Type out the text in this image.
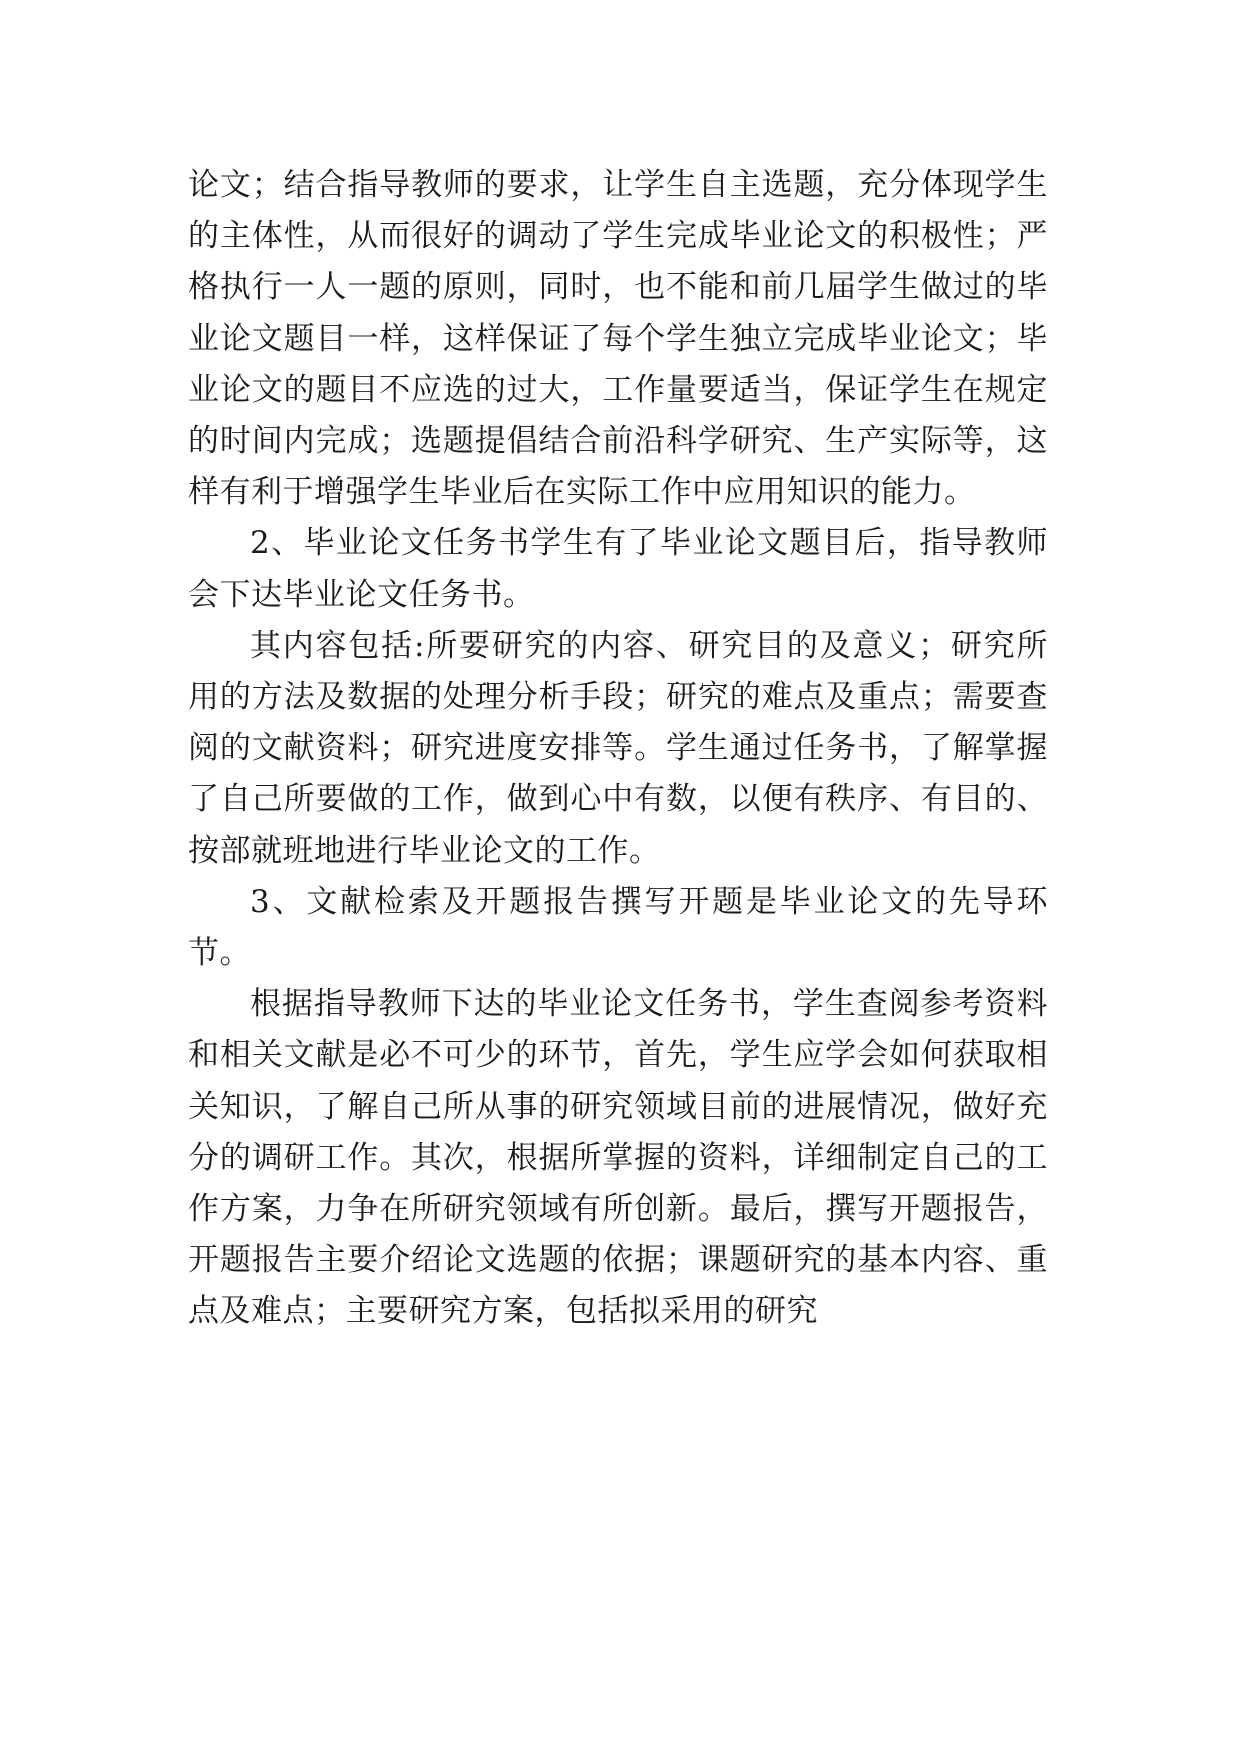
论文；结合指导教师的要求，让学生自主选题，充分体现学生的主体性，从而很好的调动了学生完成毕业论文的积极性；严格执行一人一题的原则，同时，也不能和前几届学生做过的毕业论文题目一样，这样保证了每个学生独立完成毕业论文；毕业论文的题目不应选的过大，工作量要适当，保证学生在规定的时间内完成；选题提倡结合前沿科学研究、生产实际等，这样有利于增强学生毕业后在实际工作中应用知识的能力。

2、毕业论文任务书学生有了毕业论文题目后，指导教师会下达毕业论文任务书。

其内容包括:所要研究的内容、研究目的及意义；研究所用的方法及数据的处理分析手段；研究的难点及重点；需要查阅的文献资料；研究进度安排等。学生通过任务书，了解掌握了自己所要做的工作，做到心中有数，以便有秩序、有目的、按部就班地进行毕业论文的工作。

3、文献检索及开题报告撰写开题是毕业论文的先导环节。

根据指导教师下达的毕业论文任务书，学生查阅参考资料和相关文献是必不可少的环节，首先，学生应学会如何获取相关知识，了解自己所从事的研究领域目前的进展情况，做好充分的调研工作。其次，根据所掌握的资料，详细制定自己的工作方案，力争在所研究领域有所创新。最后，撰写开题报告，开题报告主要介绍论文选题的依据；课题研究的基本内容、重点及难点；主要研究方案，包括拟采用的研究
